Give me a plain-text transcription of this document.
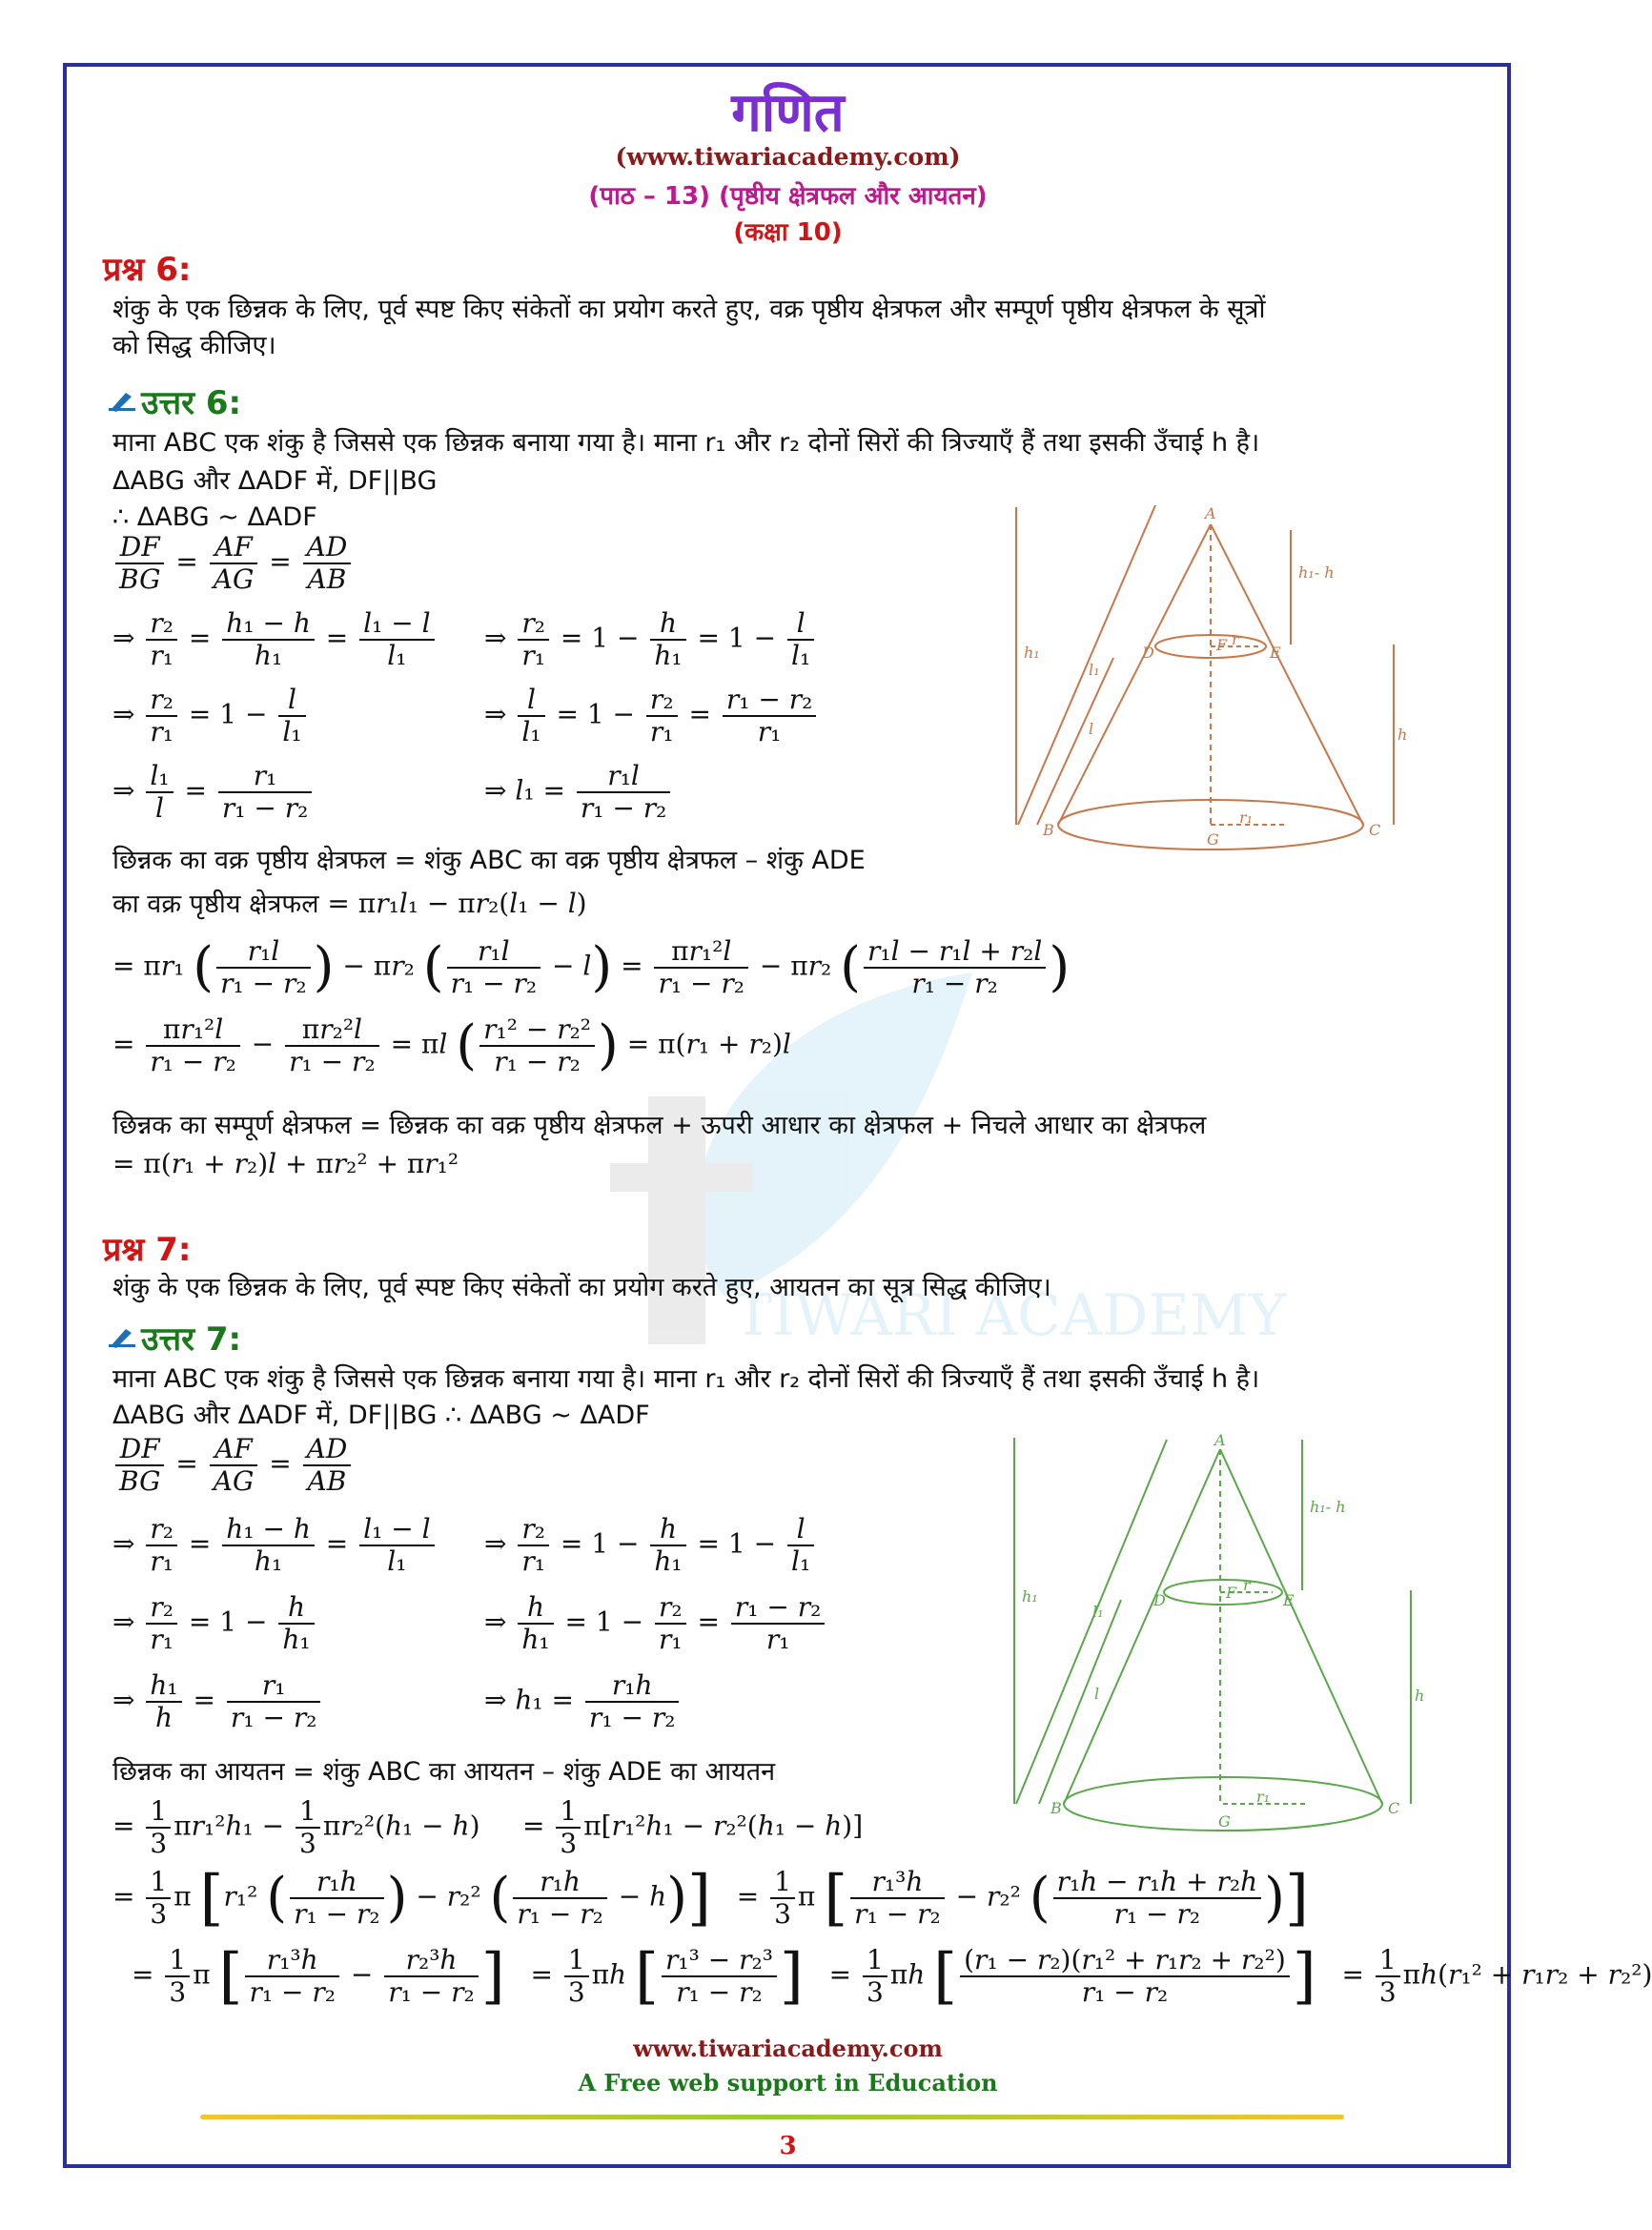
गणित
(www.tiwariacademy.com)
(पाठ – 13) (पृष्ठीय क्षेत्रफल और आयतन)
(कक्षा 10)
TIWARI ACADEMY
प्रश्न 6:
शंकु के एक छिन्नक के लिए, पूर्व स्पष्ट किए संकेतों का प्रयोग करते हुए, वक्र पृष्ठीय क्षेत्रफल और सम्पूर्ण पृष्ठीय क्षेत्रफल के सूत्रों
को सिद्ध कीजिए।
उत्तर 6:
माना ABC एक शंकु है जिससे एक छिन्नक बनाया गया है। माना r₁ और r₂ दोनों सिरों की त्रिज्याएँ हैं तथा इसकी उँचाई h है।
ΔABG और ΔADF में, DF||BG
∴ ΔABG ~ ΔADF
$\frac{DF}{BG} = \frac{AF}{AG} = \frac{AD}{AB}$
⇒ $\frac{\text{r₂}}{\text{r₁}} = \frac{\text{h₁ − h}}{\text{h₁}} = \frac{\text{l₁ − l}}{\text{l₁}}$ ⇒ $\frac{\text{r₂}}{\text{r₁}} = 1 - \frac{h}{\text{h₁}} = 1 - \frac{l}{\text{l₁}}$
⇒ $\frac{\text{r₂}}{\text{r₁}} = 1 - \frac{l}{\text{l₁}}$	⇒ $\frac{l}{\text{l₁}} = 1 - \frac{\text{r₂}}{\text{r₁}} = \frac{\text{r₁ − r₂}}{\text{r₁}}$
⇒ $\frac{\text{l₁}}{l} = \frac{\text{r₁}}{\text{r₁ − r₂}}$	⇒ $l_1 = \frac{\text{r₁l}}{\text{r₁ − r₂}}$
छिन्नक का वक्र पृष्ठीय क्षेत्रफल = शंकु ABC का वक्र पृष्ठीय क्षेत्रफल – शंकु ADE
का वक्र पृष्ठीय क्षेत्रफल = πr₁l₁ − πr₂(l₁ − l)
= πr₁ ( $\frac{\text{r₁l}}{\text{r₁ − r₂}}$ ) − πr₂ ( $\frac{\text{r₁l}}{\text{r₁ − r₂}} - l) = \frac{\text{πr₁²l}}{\text{r₁ − r₂}} - \pi r_2$ ( $\frac{\text{r₁l − r₁l + r₂l}}{\text{r₁ − r₂}}$ )
= $\frac{\text{πr₁²l}}{\text{r₁ − r₂}} - \frac{\text{πr₂²l}}{\text{r₁ − r₂}} = \pi l$ ( $\frac{\text{r₁² − r₂²}}{\text{r₁ − r₂}}$ ) = π(r₁ + r₂)l
छिन्नक का सम्पूर्ण क्षेत्रफल = छिन्नक का वक्र पृष्ठीय क्षेत्रफल + ऊपरी आधार का क्षेत्रफल + निचले आधार का क्षेत्रफल
= π(r₁ + r₂)l + πr₂² + πr₁²
A
B	C
D	E
F
G
h₁- h
h₁
h
l₁
l
r
r₁
प्रश्न 7:
शंकु के एक छिन्नक के लिए, पूर्व स्पष्ट किए संकेतों का प्रयोग करते हुए, आयतन का सूत्र सिद्ध कीजिए।
उत्तर 7:
माना ABC एक शंकु है जिससे एक छिन्नक बनाया गया है। माना r₁ और r₂ दोनों सिरों की त्रिज्याएँ हैं तथा इसकी उँचाई h है।
ΔABG और ΔADF में, DF||BG ∴ ΔABG ~ ΔADF
$\frac{DF}{BG} = \frac{AF}{AG} = \frac{AD}{AB}$
⇒ $\frac{\text{r₂}}{\text{r₁}} = \frac{\text{h₁ − h}}{\text{h₁}} = \frac{\text{l₁ − l}}{\text{l₁}}$ ⇒ $\frac{\text{r₂}}{\text{r₁}} = 1 - \frac{h}{\text{h₁}} = 1 - \frac{l}{\text{l₁}}$
⇒ $\frac{\text{r₂}}{\text{r₁}} = 1 - \frac{h}{\text{h₁}}$	⇒ $\frac{h}{\text{h₁}} = 1 - \frac{\text{r₂}}{\text{r₁}} = \frac{\text{r₁ − r₂}}{\text{r₁}}$
⇒ $\frac{\text{h₁}}{h} = \frac{\text{r₁}}{\text{r₁ − r₂}}$	⇒ $h_1 = \frac{\text{r₁h}}{\text{r₁ − r₂}}$
छिन्नक का आयतन = शंकु ABC का आयतन – शंकु ADE का आयतन
= $\frac{1}{3} \pi r_1^2h_1 - \frac{1}{3} \pi r_2^2(h_1 - h)$     = $\frac{1}{3} \pi[r_1^2h_1 - r_2^2(h_1 - h)]$
= $\frac{1}{3}$ π [r₁² ( $\frac{\text{r₁h}}{\text{r₁ − r₂}}$ ) − r₂² ( $\frac{\text{r₁h}}{\text{r₁ − r₂}} - h)] = \frac{1}{3}$ π [ $\frac{\text{r₁³h}}{\text{r₁ − r₂}} - r_2^2$ ( $\frac{\text{r₁h − r₁h + r₂h}}{\text{r₁ − r₂}}$ )]
= $\frac{1}{3}$ π [ $\frac{\text{r₁³h}}{\text{r₁ − r₂}} - \frac{\text{r₂³h}}{\text{r₁ − r₂}}$ ]   = $\frac{1}{3}$ πh [ $\frac{\text{r₁³ − r₂³}}{\text{r₁ − r₂}}$ ]   = $\frac{1}{3}$ πh [ $\frac{\text{(r₁ − r₂)(r₁² + r₁r₂ + r₂²)}}{\text{r₁ − r₂}}$ ]   = $\frac{1}{3} \pi h(r_1^2 + r_1r_2 + r_2^2)$
A
B	C
D	E
F
G
h₁- h
h₁
h
l₁
l
r
r₁
www.tiwariacademy.com
A Free web support in Education
3
